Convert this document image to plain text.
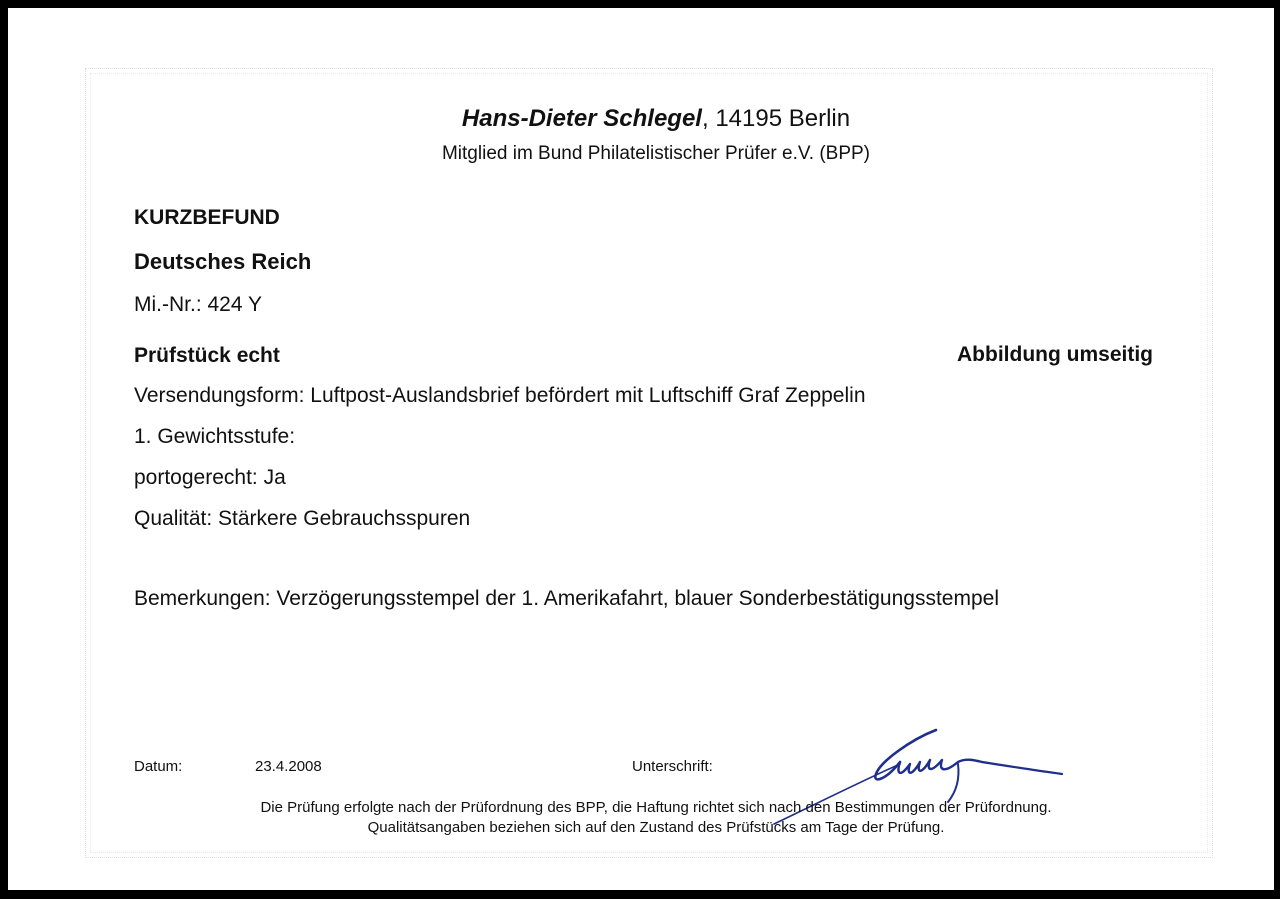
Hans-Dieter Schlegel, 14195 Berlin
Mitglied im Bund Philatelistischer Prüfer e.V. (BPP)
KURZBEFUND
Deutsches Reich
Mi.-Nr.: 424 Y
Prüfstück echt	Abbildung umseitig
Versendungsform: Luftpost-Auslandsbrief befördert mit Luftschiff Graf Zeppelin
1. Gewichtsstufe:
portogerecht: Ja
Qualität: Stärkere Gebrauchsspuren
Bemerkungen: Verzögerungsstempel der 1. Amerikafahrt, blauer Sonderbestätigungsstempel
Datum:	23.4.2008	Unterschrift:
Die Prüfung erfolgte nach der Prüfordnung des BPP, die Haftung richtet sich nach den Bestimmungen der Prüfordnung.
Qualitätsangaben beziehen sich auf den Zustand des Prüfstücks am Tage der Prüfung.
